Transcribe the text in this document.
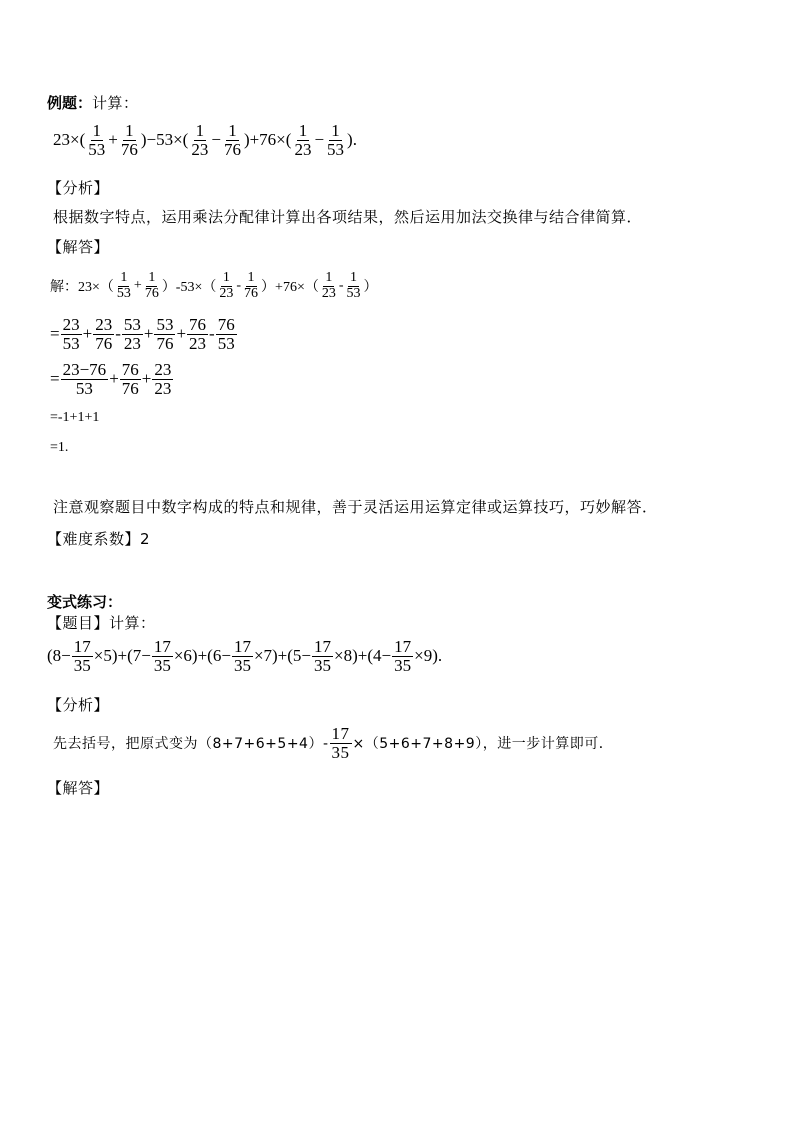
例题：计算：
$23\times( \frac{1}{53} + \frac{1}{76} )-53\times( \frac{1}{23} - \frac{1}{76} )+76\times( \frac{1}{23} - \frac{1}{53}$ ).
【分析】
根据数字特点，运用乘法分配律计算出各项结果，然后运用加法交换律与结合律简算．
【解答】
解：$23\times( \frac{1}{53} + \frac{1}{76} )-53\times( \frac{1}{23} - \frac{1}{76} )+76\times( \frac{1}{23} - \frac{1}{53}$ ）
= $\frac{23}{53} + \frac{23}{76} - \frac{53}{23} + \frac{53}{76} + \frac{76}{23} - \frac{76}{53}$
= $\frac{23-76}{53} + \frac{76}{76} + \frac{23}{23}$
=-1+1+1
=1.
注意观察题目中数字构成的特点和规律，善于灵活运用运算定律或运算技巧，巧妙解答．
【难度系数】2
变式练习：
【题目】计算：
$(8- \frac{17}{35} \times 5)+(7- \frac{17}{35} \times 6)+(6- \frac{17}{35} \times 7)+(5- \frac{17}{35} \times 8)+(4- \frac{17}{35} \times 9)$.
【分析】
先去括号，把原式变为$(8+7+6+5+4)- \frac{17}{35} \times(5+6+7+8+9)$，进一步计算即可．
【解答】
